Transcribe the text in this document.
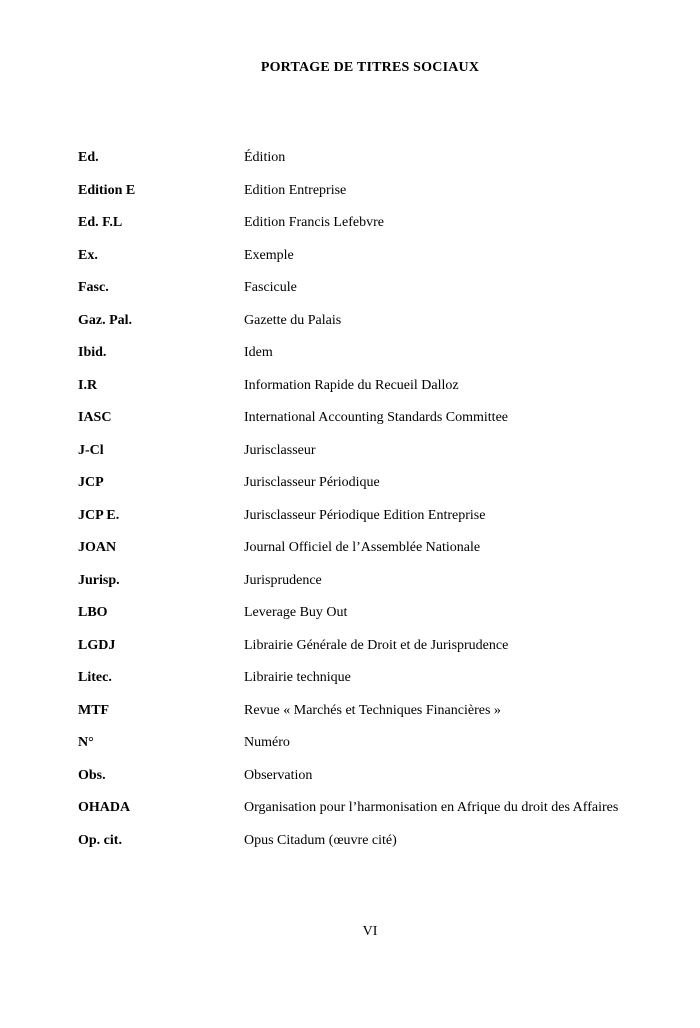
PORTAGE DE TITRES SOCIAUX
Ed.	Édition
Edition E	Edition Entreprise
Ed. F.L	Edition Francis Lefebvre
Ex.	Exemple
Fasc.	Fascicule
Gaz. Pal.	Gazette du Palais
Ibid.	Idem
I.R	Information Rapide du Recueil Dalloz
IASC	International Accounting Standards Committee
J-Cl	Jurisclasseur
JCP	Jurisclasseur Périodique
JCP E.	Jurisclasseur Périodique Edition Entreprise
JOAN	Journal Officiel de l’Assemblée Nationale
Jurisp.	Jurisprudence
LBO	Leverage Buy Out
LGDJ	Librairie Générale de Droit et de Jurisprudence
Litec.	Librairie technique
MTF	Revue « Marchés et Techniques Financières »
N°	Numéro
Obs.	Observation
OHADA	Organisation pour l’harmonisation en Afrique du droit des Affaires
Op. cit.	Opus Citadum (œuvre cité)
VI
